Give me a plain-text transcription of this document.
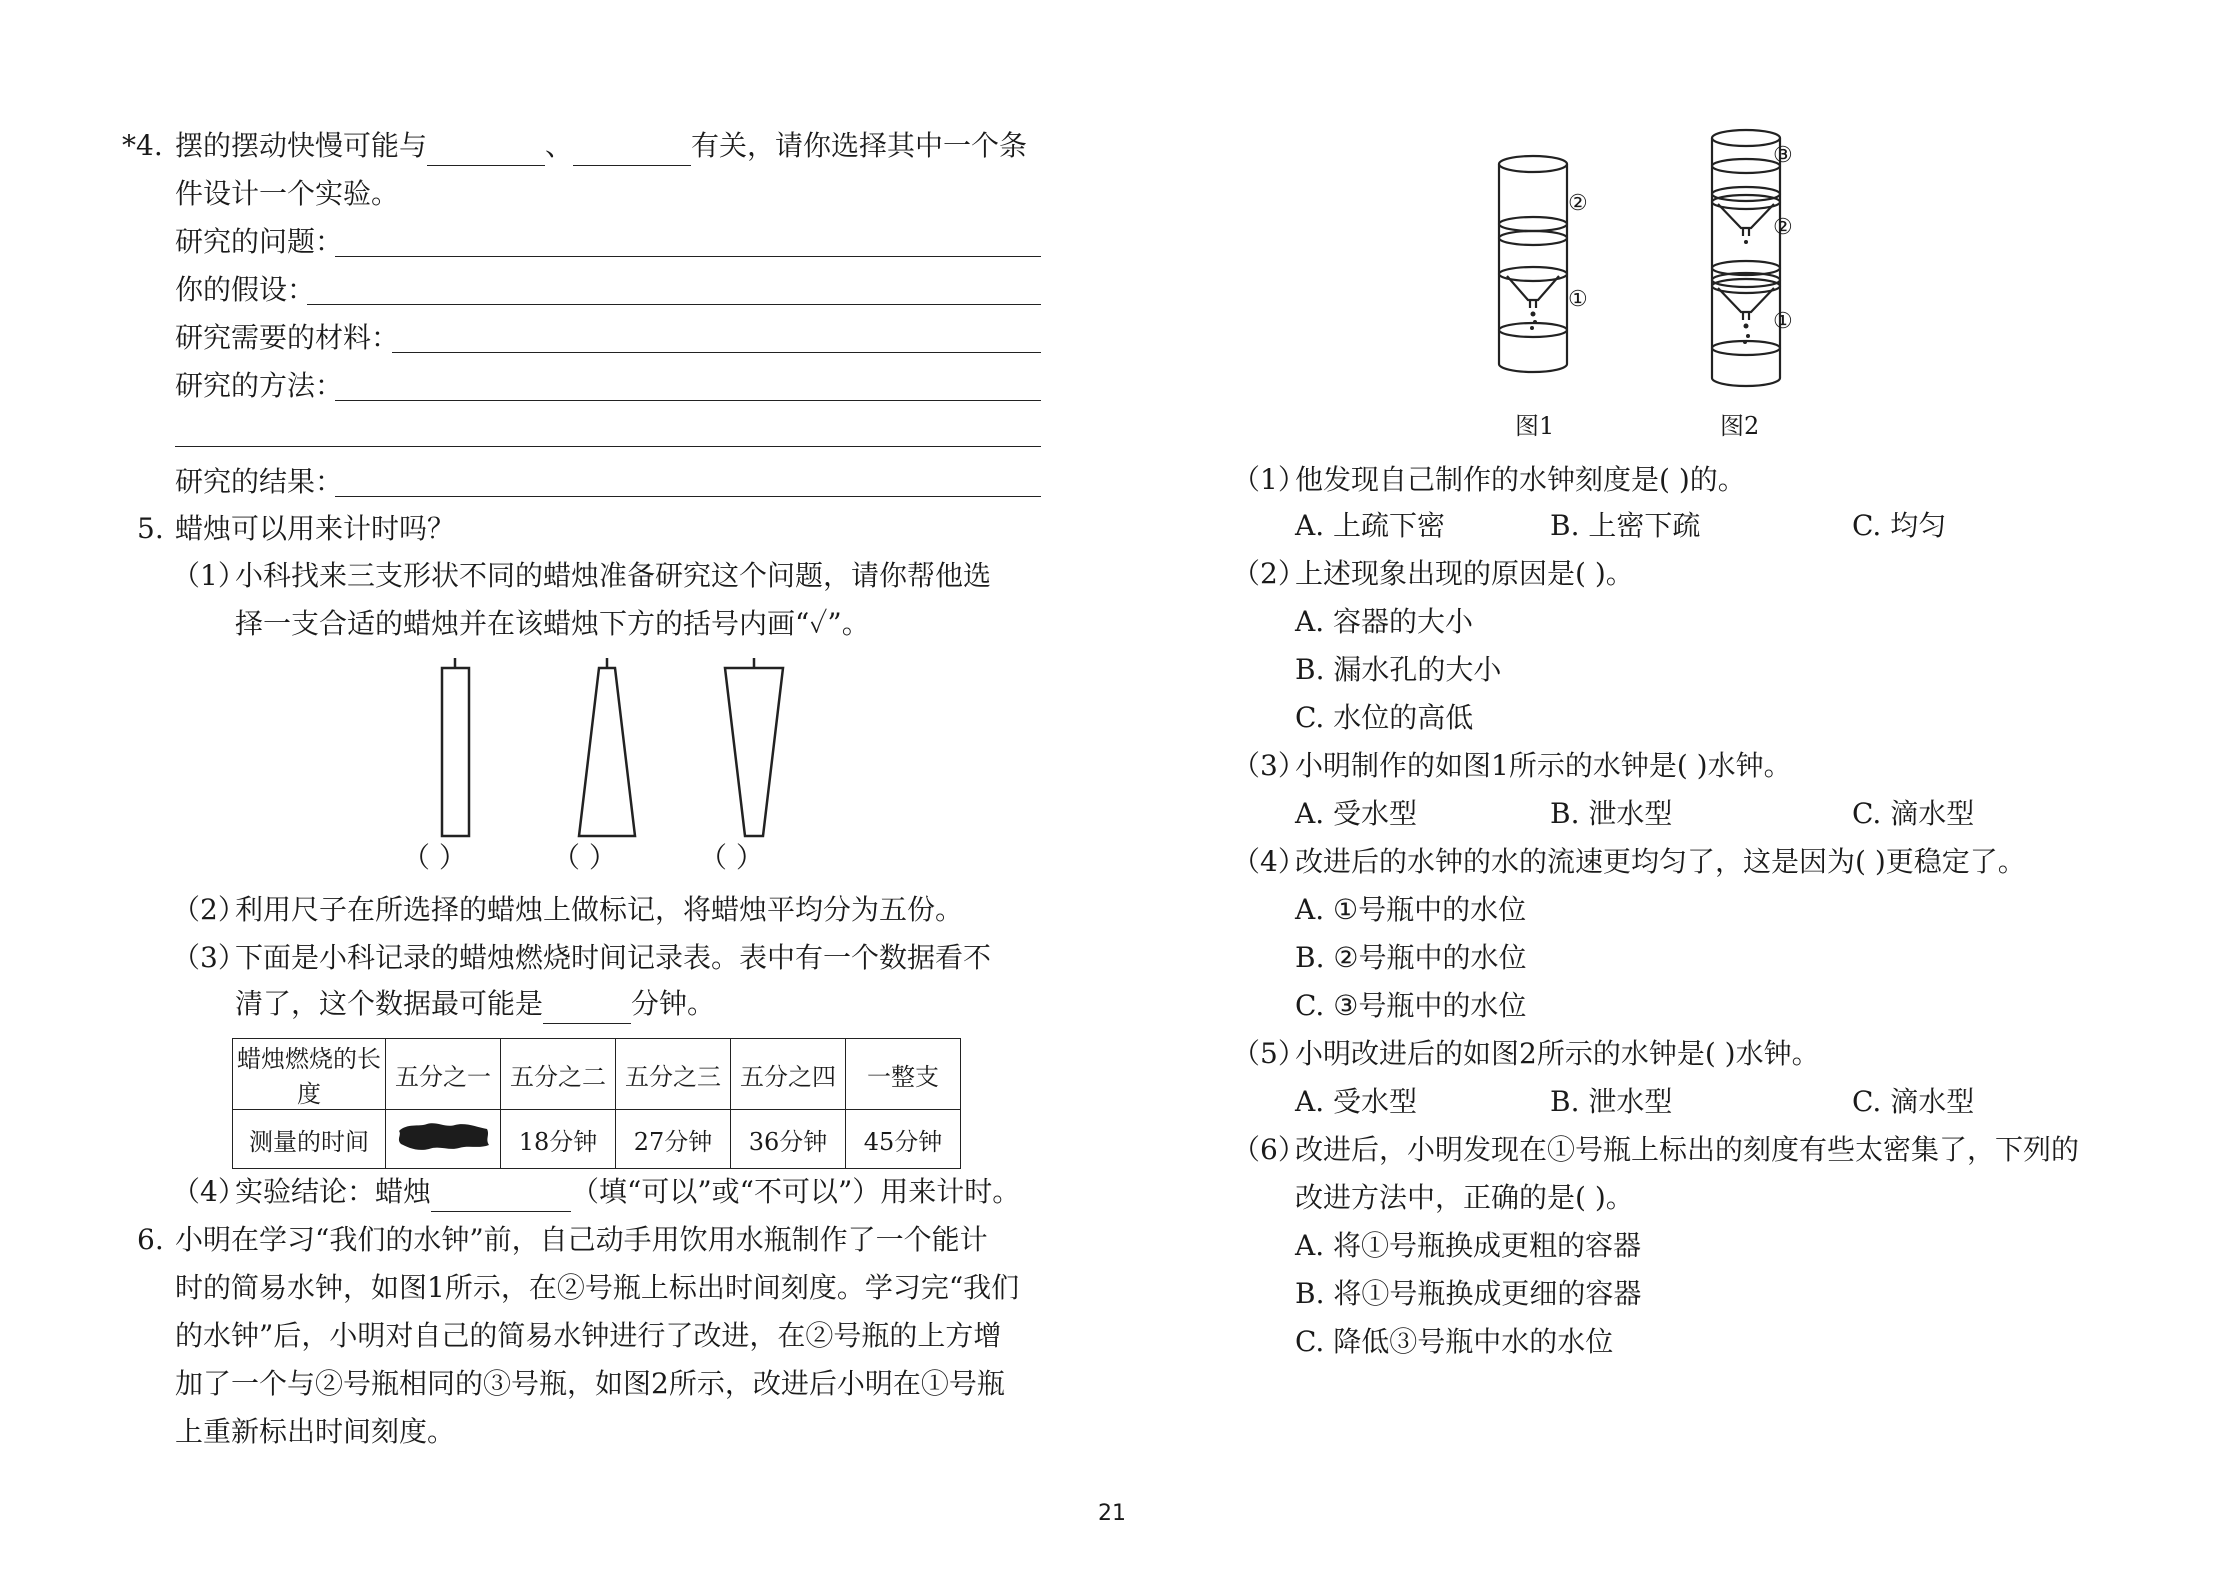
*4. 摆的摆动快慢可能与	、	有关，请你选择其中一个条
件设计一个实验。
研究的问题：
你的假设：
研究需要的材料：
研究的方法：
研究的结果：
5. 蜡烛可以用来计时吗？
（1）
小科找来三支形状不同的蜡烛准备研究这个问题，请你帮他选
择一支合适的蜡烛并在该蜡烛下方的括号内画“✓”。
（ ）	（ ）	（ ）
（2）
利用尺子在所选择的蜡烛上做标记，将蜡烛平均分为五份。
（3）
下面是小科记录的蜡烛燃烧时间记录表。表中有一个数据看不
清了，这个数据最可能是	分钟。
蜡烛燃烧的长度	五分之一	五分之二	五分之三	五分之四	一整支
测量的时间		18分钟	27分钟	36分钟	45分钟
（4）
实验结论：蜡烛	（填“可以”或“不可以”）用来计时。
6. 小明在学习“我们的水钟”前，自己动手用饮用水瓶制作了一个能计
时的简易水钟，如图1所示，在②号瓶上标出时间刻度。学习完“我们
的水钟”后，小明对自己的简易水钟进行了改进，在②号瓶的上方增
加了一个与②号瓶相同的③号瓶，如图2所示，改进后小明在①号瓶
上重新标出时间刻度。
②
①
图1
③
②
①
图2
（1）
他发现自己制作的水钟刻度是( )的。
A. 上疏下密	B. 上密下疏	C. 均匀
（2）
上述现象出现的原因是( )。
A. 容器的大小
B. 漏水孔的大小
C. 水位的高低
（3）
小明制作的如图1所示的水钟是( )水钟。
A. 受水型	B. 泄水型	C. 滴水型
（4）
改进后的水钟的水的流速更均匀了，这是因为( )更稳定了。
A. ①号瓶中的水位
B. ②号瓶中的水位
C. ③号瓶中的水位
（5）
小明改进后的如图2所示的水钟是( )水钟。
A. 受水型	B. 泄水型	C. 滴水型
（6）
改进后，小明发现在①号瓶上标出的刻度有些太密集了，下列的
改进方法中，正确的是( )。
A. 将①号瓶换成更粗的容器
B. 将①号瓶换成更细的容器
C. 降低③号瓶中水的水位
21
